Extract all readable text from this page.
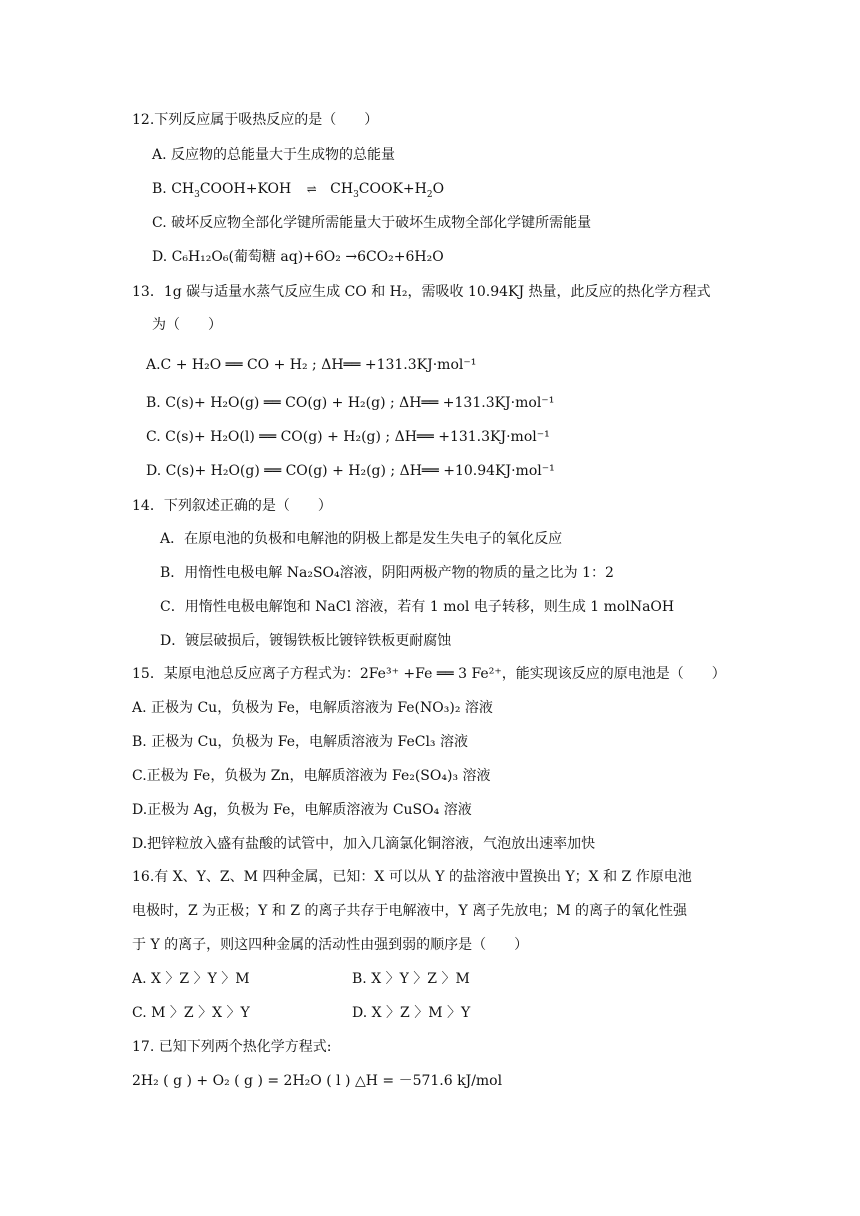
12.下列反应属于吸热反应的是（　　）
A. 反应物的总能量大于生成物的总能量
B. $CH_3COOH+KOH$ ⇌ $CH_3COOK+H_2O$
C. 破坏反应物全部化学键所需能量大于破坏生成物全部化学键所需能量
D. C₆H₁₂O₆(葡萄糖 aq)+6O₂ →6CO₂+6H₂O
13．1g 碳与适量水蒸气反应生成 CO 和 H₂，需吸收 10.94KJ 热量，此反应的热化学方程式
为（　　）
A.C + H₂O ══ CO + H₂ ; ΔH══ +131.3KJ·mol⁻¹
B. C(s)+ H₂O(g) ══ CO(g) + H₂(g) ; ΔH══ +131.3KJ·mol⁻¹
C. C(s)+ H₂O(l) ══ CO(g) + H₂(g) ; ΔH══ +131.3KJ·mol⁻¹
D. C(s)+ H₂O(g) ══ CO(g) + H₂(g) ; ΔH══ +10.94KJ·mol⁻¹
14．下列叙述正确的是（　　）
A．在原电池的负极和电解池的阴极上都是发生失电子的氧化反应
B．用惰性电极电解 Na₂SO₄溶液，阴阳两极产物的物质的量之比为 1：2
C．用惰性电极电解饱和 NaCl 溶液，若有 1 mol 电子转移，则生成 1 molNaOH
D．镀层破损后，镀锡铁板比镀锌铁板更耐腐蚀
15．某原电池总反应离子方程式为：2Fe³⁺ +Fe ══ 3 Fe²⁺，能实现该反应的原电池是（　　）
A. 正极为 Cu，负极为 Fe，电解质溶液为 Fe(NO₃)₂ 溶液
B. 正极为 Cu，负极为 Fe，电解质溶液为 FeCl₃ 溶液
C.正极为 Fe，负极为 Zn，电解质溶液为 Fe₂(SO₄)₃ 溶液
D.正极为 Ag，负极为 Fe，电解质溶液为 CuSO₄ 溶液
D.把锌粒放入盛有盐酸的试管中，加入几滴氯化铜溶液，气泡放出速率加快
16.有 X、Y、Z、M 四种金属，已知：X 可以从 Y 的盐溶液中置换出 Y；X 和 Z 作原电池
电极时，Z 为正极；Y 和 Z 的离子共存于电解液中，Y 离子先放电；M 的离子的氧化性强
于 Y 的离子，则这四种金属的活动性由强到弱的顺序是（　　）
A. X 〉Z 〉Y 〉M	B. X 〉Y 〉Z 〉M
C. M 〉Z 〉X 〉Y	D. X 〉Z 〉M 〉Y
17. 已知下列两个热化学方程式:
2H₂ ( g ) + O₂ ( g ) = 2H₂O ( l ) △H = －571.6 kJ/mol
